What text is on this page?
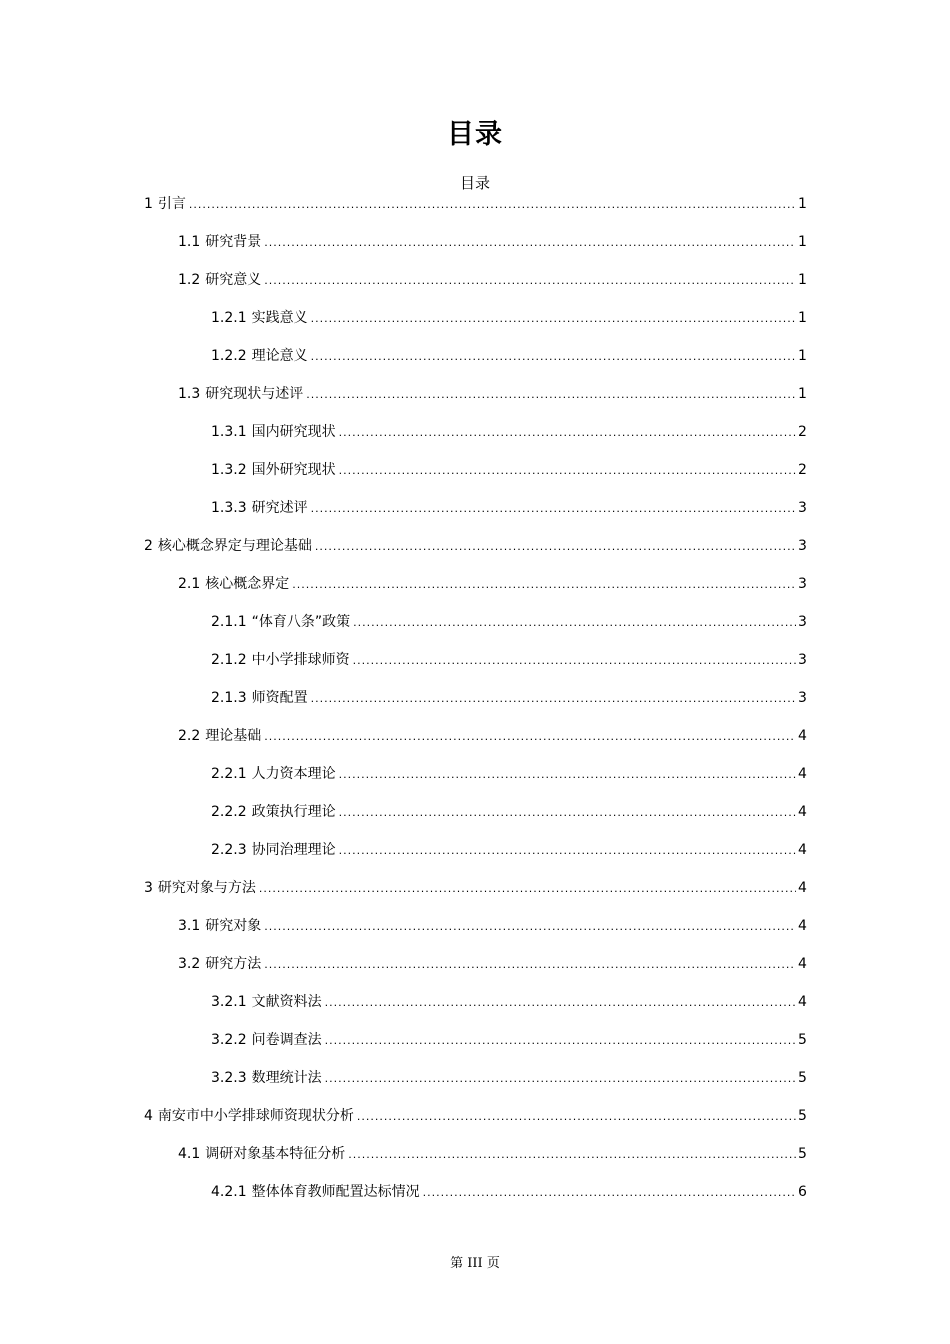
目录
目录
1 引言 .....	1
1.1 研究背景 .....	1
1.2 研究意义 .....	1
1.2.1 实践意义 .....	1
1.2.2 理论意义 .....	1
1.3 研究现状与述评 .....	1
1.3.1 国内研究现状 .....	2
1.3.2 国外研究现状 .....	2
1.3.3 研究述评 .....	3
2 核心概念界定与理论基础 .....	3
2.1 核心概念界定 .....	3
2.1.1 “体育八条”政策 .....	3
2.1.2 中小学排球师资 .....	3
2.1.3 师资配置 .....	3
2.2 理论基础 .....	4
2.2.1 人力资本理论 .....	4
2.2.2 政策执行理论 .....	4
2.2.3 协同治理理论 .....	4
3 研究对象与方法 .....	4
3.1 研究对象 .....	4
3.2 研究方法 .....	4
3.2.1 文献资料法 .....	4
3.2.2 问卷调查法 .....	5
3.2.3 数理统计法 .....	5
4 南安市中小学排球师资现状分析 .....	5
4.1 调研对象基本特征分析 .....	5
4.2.1 整体体育教师配置达标情况 .....	6
第 III 页
